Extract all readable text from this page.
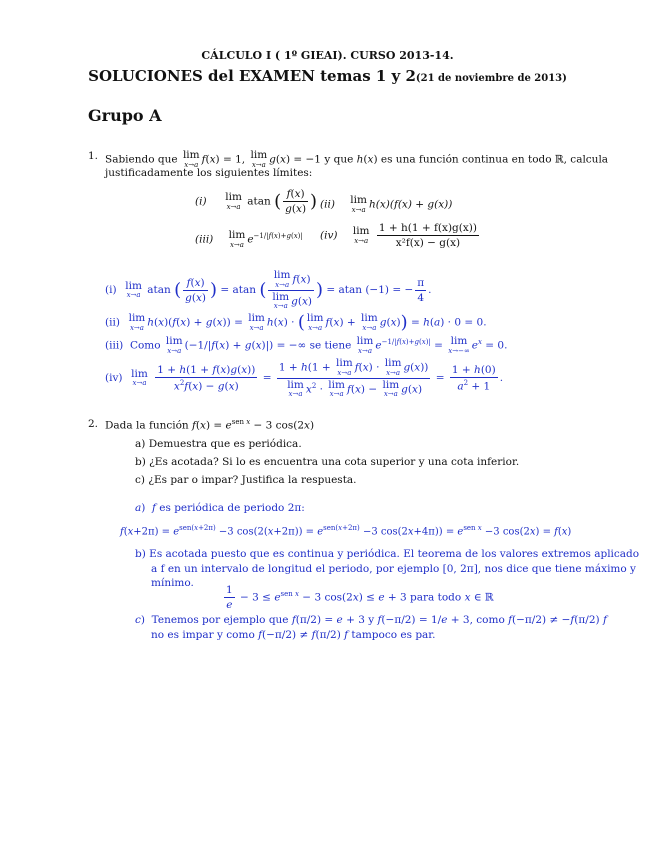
CÁLCULO I ( 1º GIEAI). CURSO 2013-14.
SOLUCIONES del EXAMEN temas 1 y 2(21 de noviembre de 2013)
Grupo A
1. Sabiendo que lim
x→a f(x) = 1, lim
x→a g(x) = −1 y que h(x) es una función continua en todo ℝ, calcula
justificadamente los siguientes límites:
(i) lim
x→a atan ( $\frac{f(x)}{g(x)}$ ) (ii) lim
x→a h(x)(f(x) + g(x))
(iii) lim
x→a $e^{-1/|f(x)+g(x)|}$ (iv) lim
x→a
$\frac{1 + h(1 + f(x)g(x))}{\text{x²f(x) − g(x)}}$
(i) lim
x→a atan ( $\frac{f(x)}{g(x)}$ ) = atan ( lim
x→a f(x)
lim
x→a g(x) ) = atan (−1) = − $\frac{\pi}{4}$ .
(ii) lim
x→a h(x)(f(x) + g(x)) = lim
x→a h(x) · ( lim
x→a f(x) + lim
x→a g(x)) = h(a) · 0 = 0.
(iii)  Como lim
x→a (−1/|f(x) + g(x)|) = −∞ se tiene lim
x→a $e^{-1/|f(x)+g(x)|} = \lim$
x→−∞ $e^x = 0$.
(iv) lim
x→a
$\frac{1 + h(1 + f(x)g(x))}{x^2f(x) - g(x)} = 1 + h(1 + \lim$
x→a f(x) · lim
x→a g(x))
lim
x→a $x^2 \cdot \lim$
x→a f(x) − lim
x→a $g(x) = \frac{1 + h(0)}{a^2 + 1}$ .
2. Dada la función $f(x) = e^{sen x} - 3$ cos(2x)
a) Demuestra que es periódica.
b) ¿Es acotada? Si lo es encuentra una cota superior y una cota inferior.
c) ¿Es par o impar? Justifica la respuesta.
a)  f es periódica de periodo 2π:
$f(x+2\pi) = e^{sen(x+2\pi)} -3$ $\cos(2(x+2\pi)) = e^{sen(x+2\pi)} -3$ $\cos(2x+4\pi)) = e^{sen x} -3$ cos(2x) = f(x)
b) Es acotada puesto que es continua y periódica. El teorema de los valores extremos aplicado
a f en un intervalo de longitud el periodo, por ejemplo [0, 2π], nos dice que tiene máximo y
mínimo.
$\frac{1}{e} - 3 \le e^{sen x} - 3$ cos(2x) ≤ e + 3 para todo x ∈ ℝ
c)  Tenemos por ejemplo que f(π/2) = e + 3 y f(−π/2) = 1/e + 3, como f(−π/2) ≠ −f(π/2) f
no es impar y como f(−π/2) ≠ f(π/2) f tampoco es par.
